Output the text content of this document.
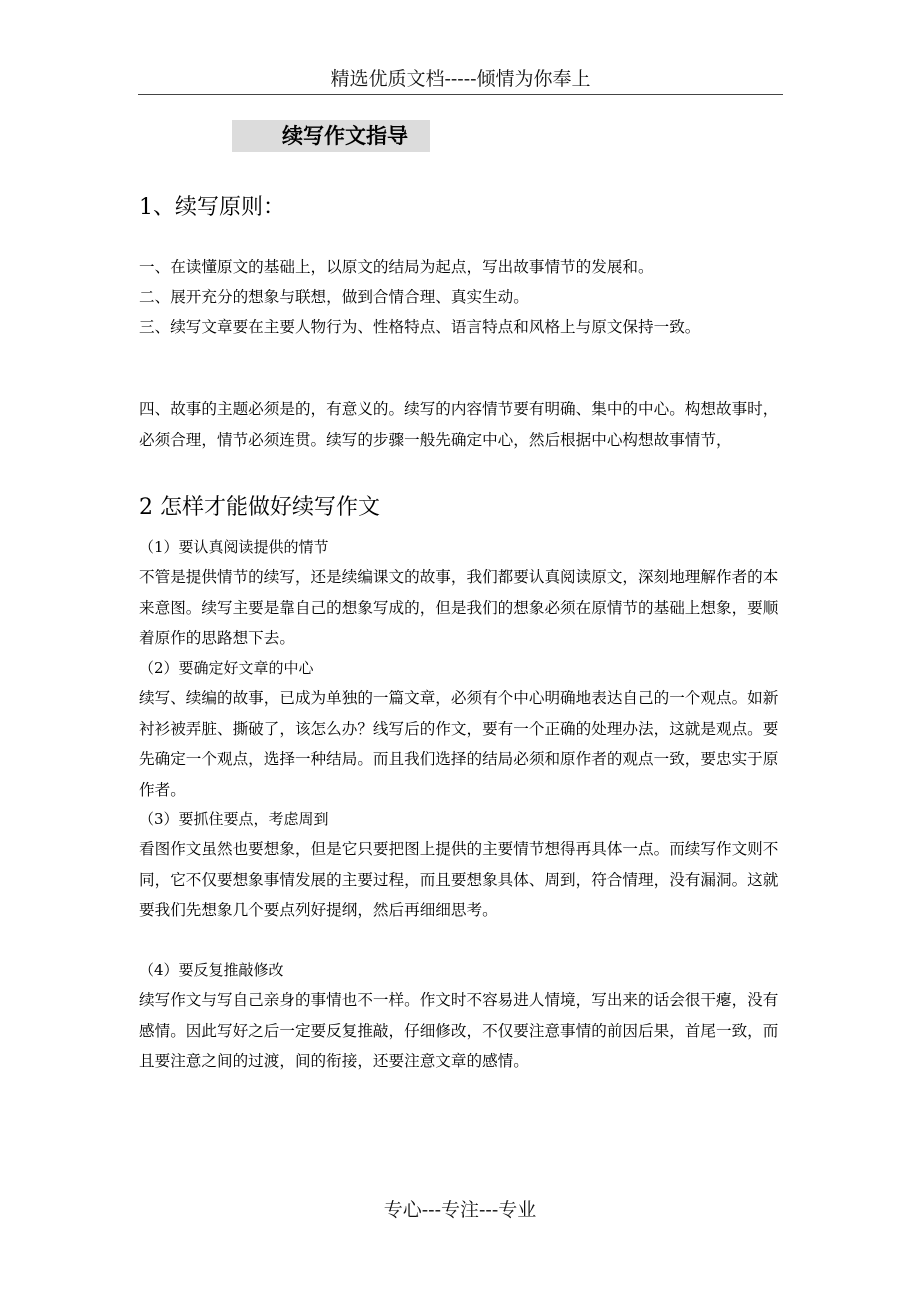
精选优质文档-----倾情为你奉上
续写作文指导
1、续写原则：

一、在读懂原文的基础上，以原文的结局为起点，写出故事情节的发展和。

二、展开充分的想象与联想，做到合情合理、真实生动。

三、续写文章要在主要人物行为、性格特点、语言特点和风格上与原文保持一致。

四、故事的主题必须是的，有意义的。续写的内容情节要有明确、集中的中心。构想故事时，必须合理，情节必须连贯。续写的步骤一般先确定中心，然后根据中心构想故事情节，

2 怎样才能做好续写作文
（1）要认真阅读提供的情节

不管是提供情节的续写，还是续编课文的故事，我们都要认真阅读原文，深刻地理解作者的本来意图。续写主要是靠自己的想象写成的，但是我们的想象必须在原情节的基础上想象，要顺着原作的思路想下去。

（2）要确定好文章的中心

续写、续编的故事，已成为单独的一篇文章，必须有个中心明确地表达自己的一个观点。如新衬衫被弄脏、撕破了，该怎么办？线写后的作文，要有一个正确的处理办法，这就是观点。要先确定一个观点，选择一种结局。而且我们选择的结局必须和原作者的观点一致，要忠实于原作者。

（3）要抓住要点，考虑周到

看图作文虽然也要想象，但是它只要把图上提供的主要情节想得再具体一点。而续写作文则不同，它不仅要想象事情发展的主要过程，而且要想象具体、周到，符合情理，没有漏洞。这就要我们先想象几个要点列好提纲，然后再细细思考。

（4）要反复推敲修改

续写作文与写自己亲身的事情也不一样。作文时不容易进人情境，写出来的话会很干瘪，没有感情。因此写好之后一定要反复推敲，仔细修改，不仅要注意事情的前因后果，首尾一致，而且要注意之间的过渡，间的衔接，还要注意文章的感情。

专心---专注---专业
